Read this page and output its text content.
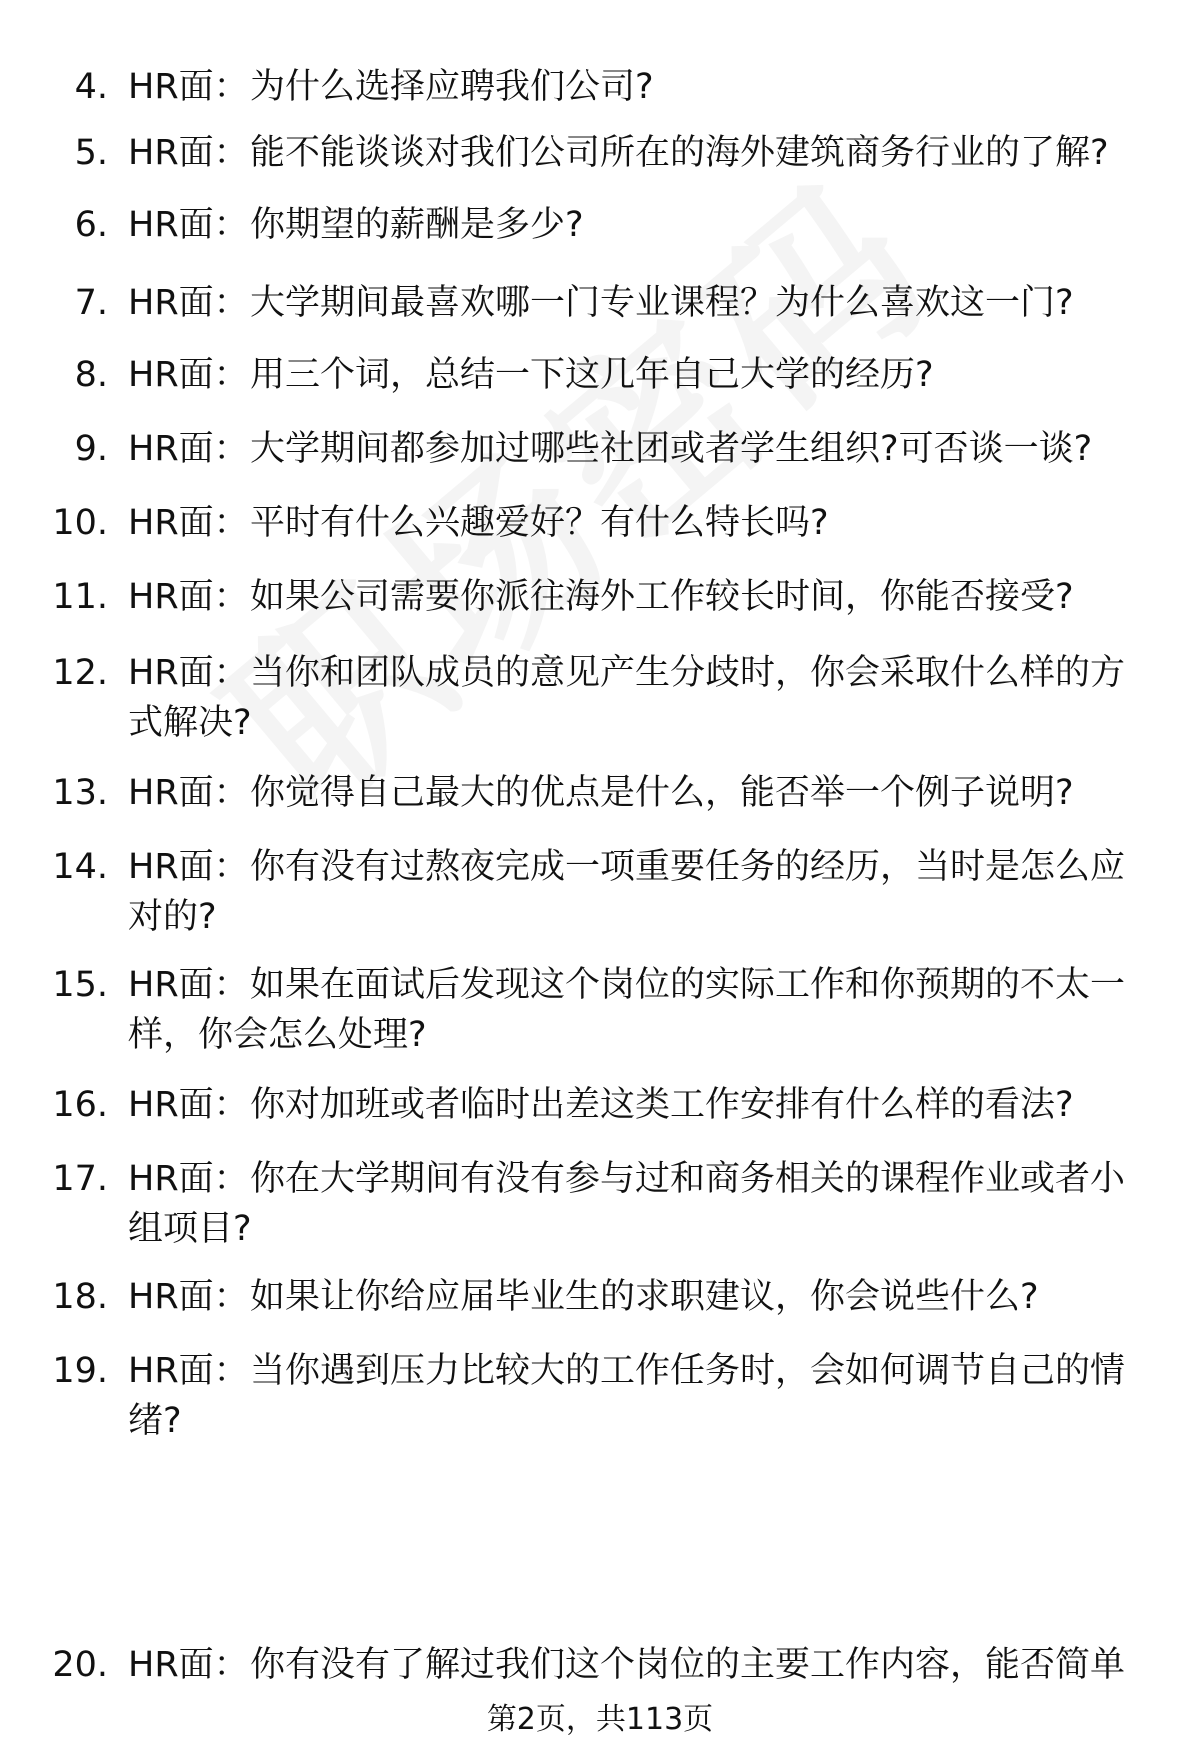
4. HR面： 为什么选择应聘我们公司?
5. HR面： 能不能谈谈对我们公司所在的海外建筑商务行业的了解?
6. HR面： 你期望的薪酬是多少?
7. HR面： 大学期间最喜欢哪一门专业课程？为什么喜欢这一门?
8. HR面： 用三个词，总结一下这几年自己大学的经历?
9. HR面： 大学期间都参加过哪些社团或者学生组织?可否谈一谈?
10. HR面： 平时有什么兴趣爱好？有什么特长吗?
11. HR面： 如果公司需要你派往海外工作较长时间，你能否接受?
12. HR面： 当你和团队成员的意见产生分歧时，你会采取什么样的方式解决?
13. HR面： 你觉得自己最大的优点是什么，能否举一个例子说明?
14. HR面： 你有没有过熬夜完成一项重要任务的经历，当时是怎么应对的?
15. HR面： 如果在面试后发现这个岗位的实际工作和你预期的不太一样，你会怎么处理?
16. HR面： 你对加班或者临时出差这类工作安排有什么样的看法?
17. HR面： 你在大学期间有没有参与过和商务相关的课程作业或者小组项目?
18. HR面： 如果让你给应届毕业生的求职建议，你会说些什么?
19. HR面： 当你遇到压力比较大的工作任务时，会如何调节自己的情绪?
20. HR面： 你有没有了解过我们这个岗位的主要工作内容，能否简单
第2页，共113页
